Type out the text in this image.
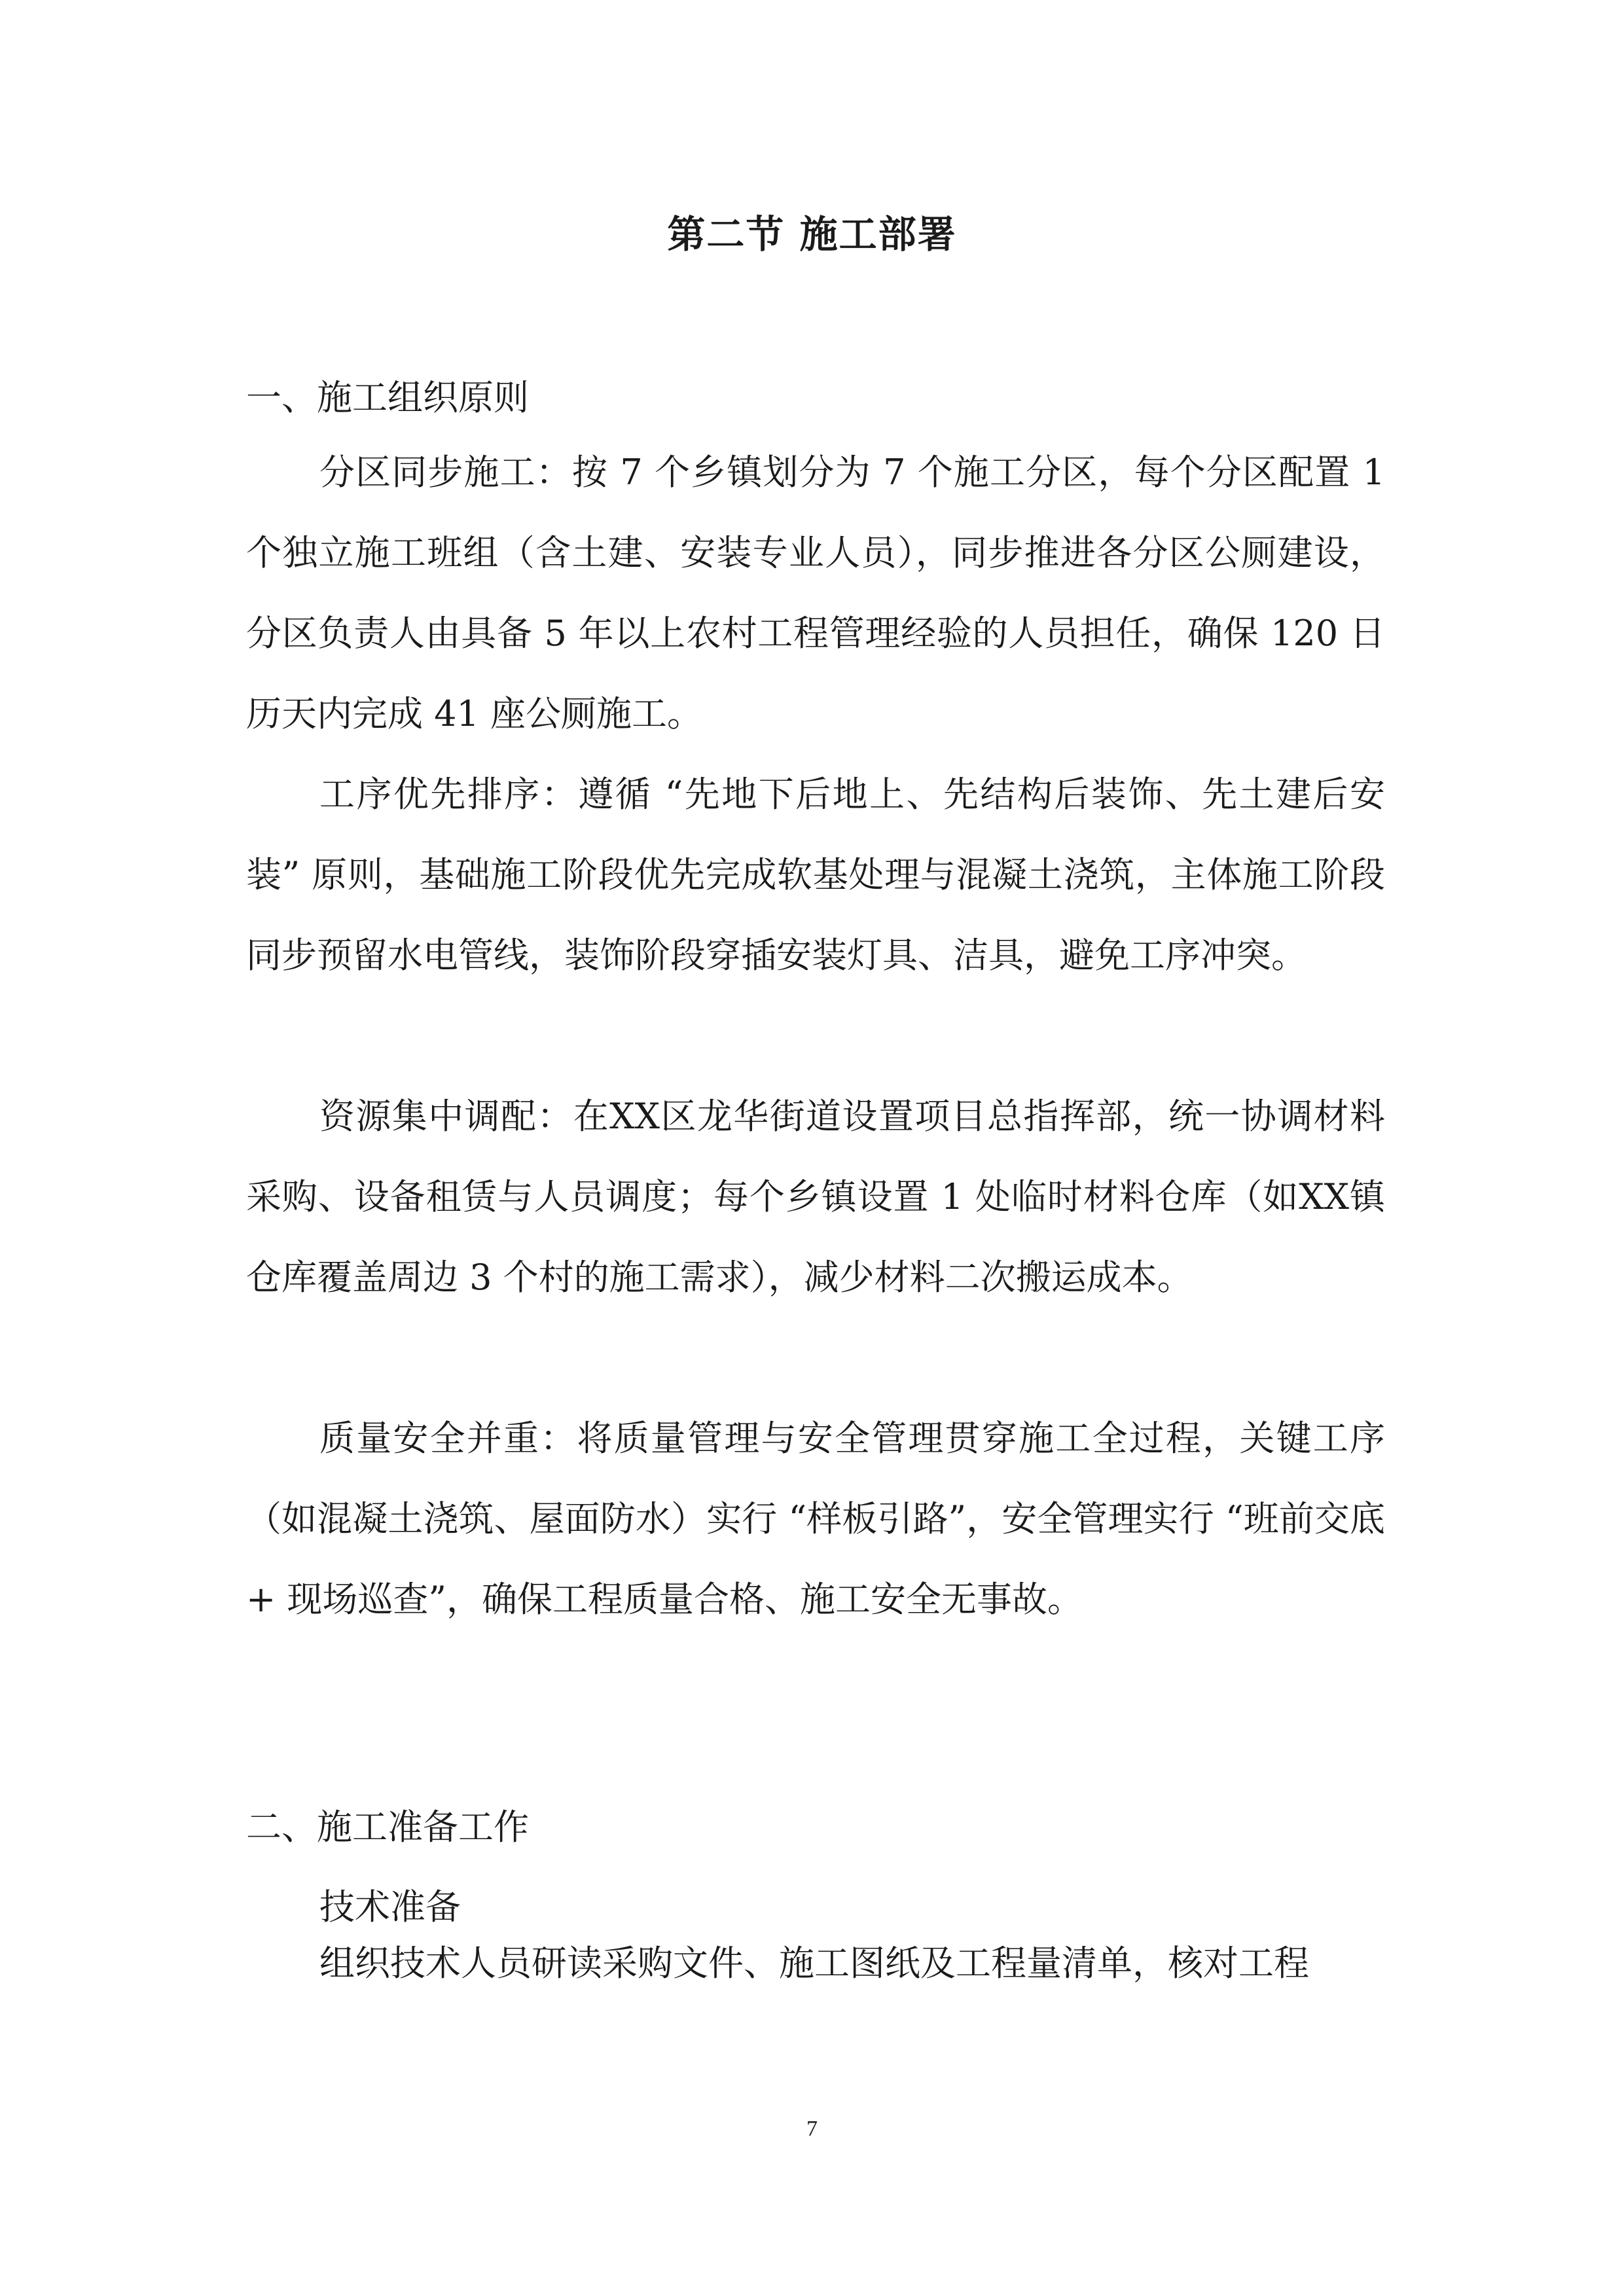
第二节 施工部署
一、施工组织原则

分区同步施工：按 7 个乡镇划分为 7 个施工分区，每个分区配置 1 个独立施工班组（含土建、安装专业人员），同步推进各分区公厕建设，分区负责人由具备 5 年以上农村工程管理经验的人员担任，确保 120 日历天内完成 41 座公厕施工。

工序优先排序：遵循 “先地下后地上、先结构后装饰、先土建后安装” 原则，基础施工阶段优先完成软基处理与混凝土浇筑，主体施工阶段同步预留水电管线，装饰阶段穿插安装灯具、洁具，避免工序冲突。

资源集中调配：在XX区龙华街道设置项目总指挥部，统一协调材料采购、设备租赁与人员调度；每个乡镇设置 1 处临时材料仓库（如XX镇仓库覆盖周边 3 个村的施工需求），减少材料二次搬运成本。

质量安全并重：将质量管理与安全管理贯穿施工全过程，关键工序（如混凝土浇筑、屋面防水）实行 “样板引路”，安全管理实行 “班前交底 + 现场巡查”，确保工程质量合格、施工安全无事故。

二、施工准备工作
技术准备

组织技术人员研读采购文件、施工图纸及工程量清单，核对工程

7
